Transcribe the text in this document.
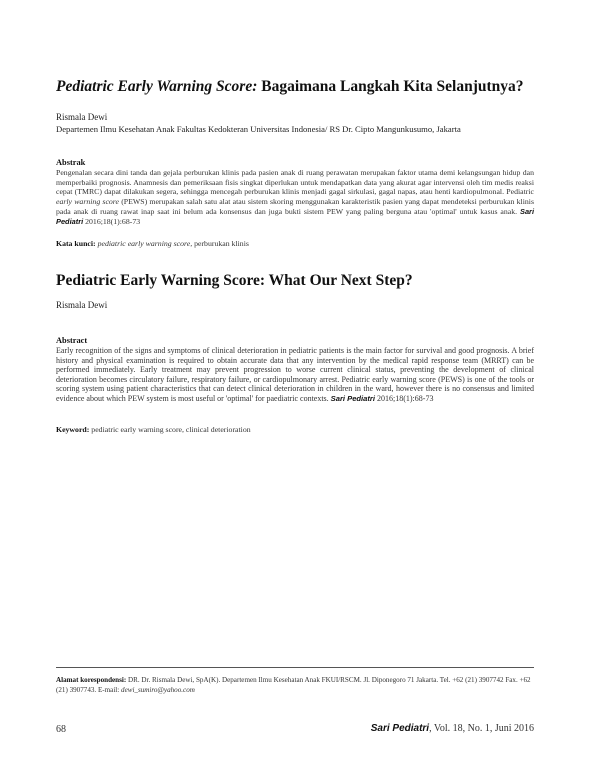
Pediatric Early Warning Score: Bagaimana Langkah Kita Selanjutnya?
Rismala Dewi
Departemen Ilmu Kesehatan Anak Fakultas Kedokteran Universitas Indonesia/ RS Dr. Cipto Mangunkusumo, Jakarta
Abstrak

Pengenalan secara dini tanda dan gejala perburukan klinis pada pasien anak di ruang perawatan merupakan faktor utama demi kelangsungan hidup dan memperbaiki prognosis. Anamnesis dan pemeriksaan fisis singkat diperlukan untuk mendapatkan data yang akurat agar intervensi oleh tim medis reaksi cepat (TMRC) dapat dilakukan segera, sehingga mencegah perburukan klinis menjadi gagal sirkulasi, gagal napas, atau henti kardiopulmonal. Pediatric early warning score (PEWS) merupakan salah satu alat atau sistem skoring menggunakan karakteristik pasien yang dapat mendeteksi perburukan klinis pada anak di ruang rawat inap saat ini belum ada konsensus dan juga bukti sistem PEW yang paling berguna atau 'optimal' untuk kasus anak. Sari Pediatri 2016;18(1):68-73

Kata kunci: pediatric early warning score, perburukan klinis
Pediatric Early Warning Score: What Our Next Step?
Rismala Dewi
Abstract

Early recognition of the signs and symptoms of clinical deterioration in pediatric patients is the main factor for survival and good prognosis. A brief history and physical examination is required to obtain accurate data that any intervention by the medical rapid response team (MRRT) can be performed immediately. Early treatment may prevent progression to worse current clinical status, preventing the development of clinical deterioration becomes circulatory failure, respiratory failure, or cardiopulmonary arrest. Pediatric early warning score (PEWS) is one of the tools or scoring system using patient characteristics that can detect clinical deterioration in children in the ward, however there is no consensus and limited evidence about which PEW system is most useful or 'optimal' for paediatric contexts. Sari Pediatri 2016;18(1):68-73

Keyword: pediatric early warning score, clinical deterioration

Alamat korespondensi: DR. Dr. Rismala Dewi, SpA(K). Departemen Ilmu Kesehatan Anak FKUI/RSCM. Jl. Diponegoro 71 Jakarta. Tel. +62 (21) 3907742 Fax. +62 (21) 3907743. E-mail: dewi_sumiro@yahoo.com

68	Sari Pediatri, Vol. 18, No. 1, Juni 2016
